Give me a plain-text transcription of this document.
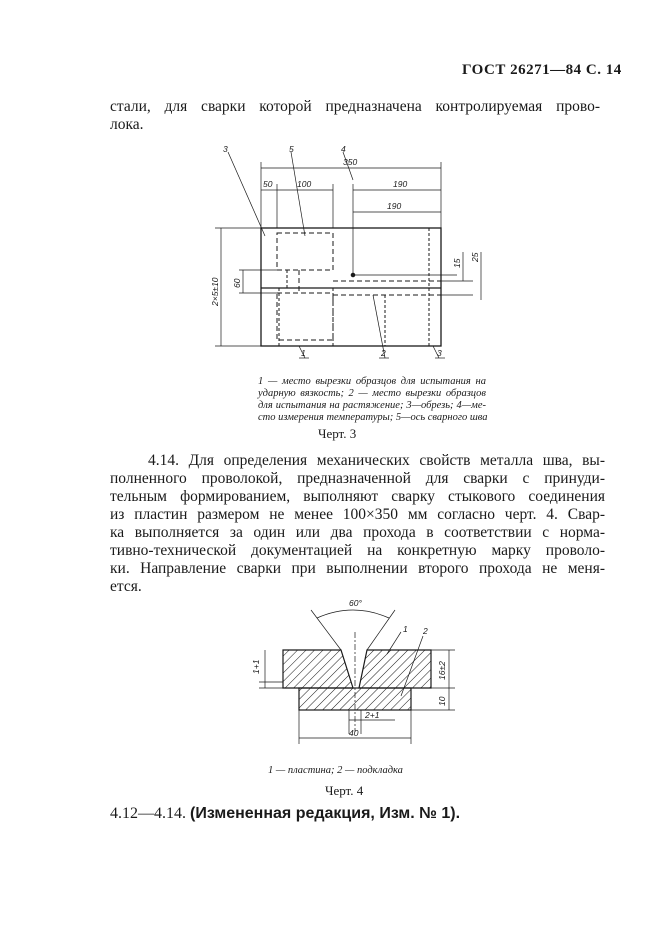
ГОСТ 26271—84 С. 14
стали, для сварки которой предназначена контролируемая прово-
лока.
3	5	4
350
50	100	190
190
2×5±10 60
15
25
1	2	3
1 — место вырезки образцов для испытания на
ударную вязкость; 2 — место вырезки образцов
для испытания на растяжение; 3—обрезь; 4—ме-
сто измерения температуры; 5—ось сварного шва
Черт. 3
4.14. Для определения механических свойств металла шва, вы-
полненного проволокой, предназначенной для сварки с принуди-
тельным формированием, выполняют сварку стыкового соединения
из пластин размером не менее 100×350 мм согласно черт. 4. Свар-
ка выполняется за один или два прохода в соответствии с норма-
тивно-технической документацией на конкретную марку проволо-
ки. Направление сварки при выполнении второго прохода не меня-
ется.
60°
1 2
1+1	16±2
10
2+1
40
1 — пластина; 2 — подкладка
Черт. 4
4.12—4.14. (Измененная редакция, Изм. № 1).
